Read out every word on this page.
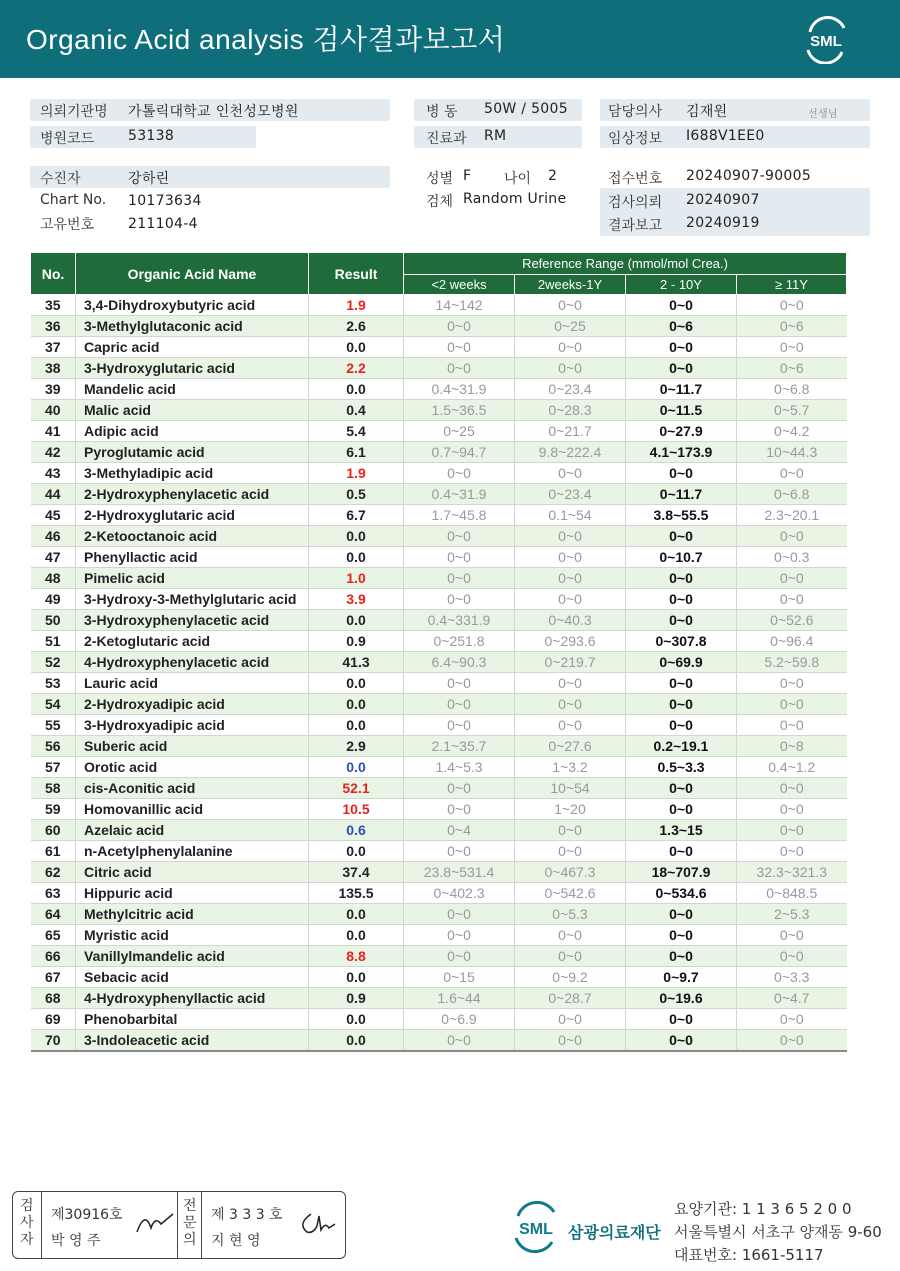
Organic Acid analysis 검사결과보고서	SML
의뢰기관명 가톨릭대학교 인천성모병원
병원코드 53138
병 동 50W / 5005
진료과 RM
담당의사 김재원	선생님
임상정보 I688V1EE0
수진자	강하린
Chart No. 10173634
고유번호 211104-4
성별 F 나이 2
검체 Random Urine
접수번호 20240907-90005
검사의뢰 20240907
결과보고 20240919
No.	Organic Acid Name	Result	Reference Range (mmol/mol Crea.)			
			<2 weeks	2weeks-1Y	2 - 10Y	≥ 11Y
35	3,4-Dihydroxybutyric acid	1.9	14~142	0~0	0~0	0~0
36	3-Methylglutaconic acid	2.6	0~0	0~25	0~6	0~6
37	Capric acid	0.0	0~0	0~0	0~0	0~0
38	3-Hydroxyglutaric acid	2.2	0~0	0~0	0~0	0~6
39	Mandelic acid	0.0	0.4~31.9	0~23.4	0~11.7	0~6.8
40	Malic acid	0.4	1.5~36.5	0~28.3	0~11.5	0~5.7
41	Adipic acid	5.4	0~25	0~21.7	0~27.9	0~4.2
42	Pyroglutamic acid	6.1	0.7~94.7	9.8~222.4	4.1~173.9	10~44.3
43	3-Methyladipic acid	1.9	0~0	0~0	0~0	0~0
44	2-Hydroxyphenylacetic acid	0.5	0.4~31.9	0~23.4	0~11.7	0~6.8
45	2-Hydroxyglutaric acid	6.7	1.7~45.8	0.1~54	3.8~55.5	2.3~20.1
46	2-Ketooctanoic acid	0.0	0~0	0~0	0~0	0~0
47	Phenyllactic acid	0.0	0~0	0~0	0~10.7	0~0.3
48	Pimelic acid	1.0	0~0	0~0	0~0	0~0
49	3-Hydroxy-3-Methylglutaric acid	3.9	0~0	0~0	0~0	0~0
50	3-Hydroxyphenylacetic acid	0.0	0.4~331.9	0~40.3	0~0	0~52.6
51	2-Ketoglutaric acid	0.9	0~251.8	0~293.6	0~307.8	0~96.4
52	4-Hydroxyphenylacetic acid	41.3	6.4~90.3	0~219.7	0~69.9	5.2~59.8
53	Lauric acid	0.0	0~0	0~0	0~0	0~0
54	2-Hydroxyadipic acid	0.0	0~0	0~0	0~0	0~0
55	3-Hydroxyadipic acid	0.0	0~0	0~0	0~0	0~0
56	Suberic acid	2.9	2.1~35.7	0~27.6	0.2~19.1	0~8
57	Orotic acid	0.0	1.4~5.3	1~3.2	0.5~3.3	0.4~1.2
58	cis-Aconitic acid	52.1	0~0	10~54	0~0	0~0
59	Homovanillic acid	10.5	0~0	1~20	0~0	0~0
60	Azelaic acid	0.6	0~4	0~0	1.3~15	0~0
61	n-Acetylphenylalanine	0.0	0~0	0~0	0~0	0~0
62	Citric acid	37.4	23.8~531.4	0~467.3	18~707.9	32.3~321.3
63	Hippuric acid	135.5	0~402.3	0~542.6	0~534.6	0~848.5
64	Methylcitric acid	0.0	0~0	0~5.3	0~0	2~5.3
65	Myristic acid	0.0	0~0	0~0	0~0	0~0
66	Vanillylmandelic acid	8.8	0~0	0~0	0~0	0~0
67	Sebacic acid	0.0	0~15	0~9.2	0~9.7	0~3.3
68	4-Hydroxyphenyllactic acid	0.9	1.6~44	0~28.7	0~19.6	0~4.7
69	Phenobarbital	0.0	0~6.9	0~0	0~0	0~0
70	3-Indoleacetic acid	0.0	0~0	0~0	0~0	0~0
검
사
자
제30916호
박 영 주
전
문
의
제 3 3 3 호
지 현 영
SML 삼광의료재단
요양기관: 1 1 3 6 5 2 0 0
서울특별시 서초구 양재동 9-60
대표번호: 1661-5117
